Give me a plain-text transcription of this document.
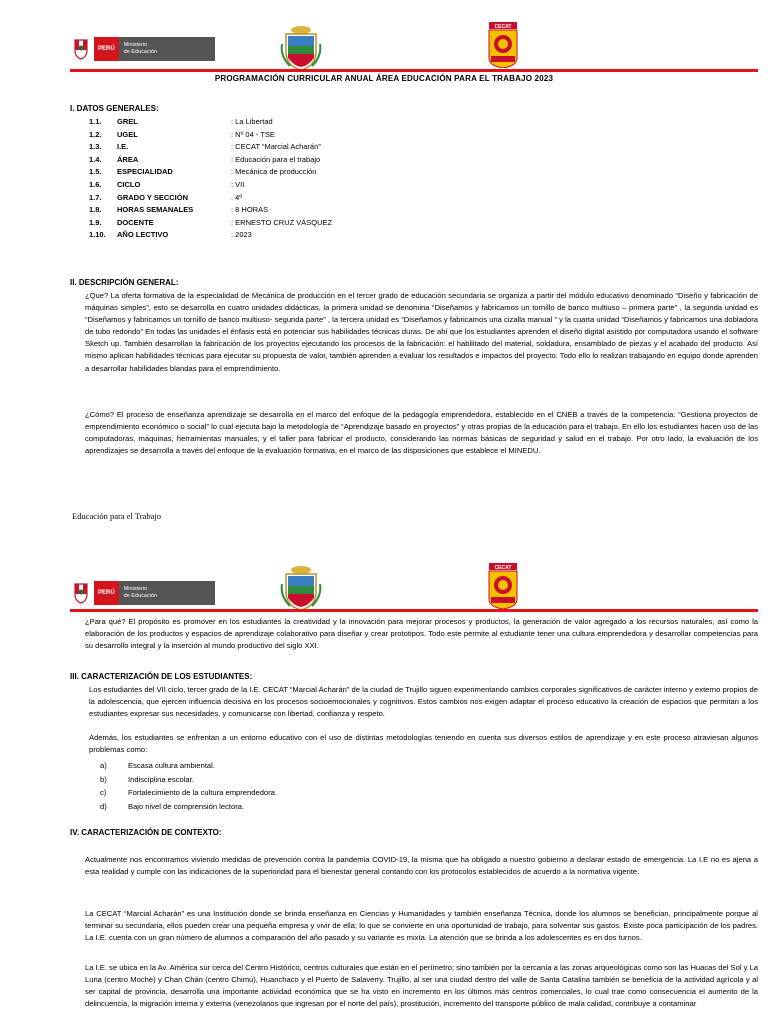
PERÚ
Ministerio
de Educación
CECAT
PROGRAMACIÓN CURRICULAR ANUAL ÁREA EDUCACIÓN PARA EL TRABAJO 2023
I. DATOS GENERALES:
1.1. GREL	: La Libertad
1.2. UGEL	: Nº 04 - TSE
1.3. I.E.	: CECAT “Marcial Acharán”
1.4. ÁREA	: Educación para el trabajo
1.5. ESPECIALIDAD	: Mecánica de producción
1.6. CICLO	: VII
1.7. GRADO Y SECCIÓN	. 4º
1.8. HORAS SEMANALES	: 8 HORAS
1.9. DOCENTE	: ERNESTO CRUZ VÁSQUEZ
1.10. AÑO LECTIVO	: 2023
II. DESCRIPCIÓN GENERAL:
¿Que? La oferta formativa de la especialidad de Mecánica de producción en el tercer grado de educación secundaria se organiza a partir del módulo educativo denominado “Diseño y fabricación de máquinas simples”, esto se desarrolla en cuatro unidades didácticas, la primera unidad se denomina “Diseñamos y fabricamos un tornillo de banco multiuso – primera parte” , la segunda unidad es “Diseñamos y fabricamos un tornillo de banco multiuso- segunda parte” , la tercera unidad es “Diseñamos y fabricamos una cizalla manual ” y la cuarta unidad “Diseñamos y fabricamos una dobladora de tubo redondo” En todas las unidades el énfasis está en potenciar sus habilidades técnicas duras. De ahí que los estudiantes aprenden el diseño digital asistido por computadora usando el software Sketch up. También desarrollan la fabricación de los proyectos ejecutando los procesos de la fabricación: el habilitado del material, soldadura, ensamblado de piezas y el acabado del producto. Así mismo aplican habilidades técnicas para ejecutar su propuesta de valor, también aprenden a evaluar los resultados e impactos del proyecto. Todo ello lo realizan trabajando en equipo donde aprenden a desarrollar habilidades blandas para el emprendimiento.
¿Cómo? El proceso de enseñanza aprendizaje se desarrolla en el marco del enfoque de la pedagogía emprendedora, establecido en el CNEB a través de la competencia: “Gestiona proyectos de emprendimiento económico o social” lo cual ejecuta bajo la metodología de “Aprendizaje basado en proyectos” y otras propias de la educación para el trabajo. En ello los estudiantes hacen uso de las computadoras, máquinas, herramientas manuales, y el taller para fabricar el producto, considerando las normas básicas de seguridad y salud en el trabajo. Por otro lado, la evaluación de los aprendizajes se desarrolla a través del enfoque de la evaluación formativa, en el marco de las disposiciones que establece el MINEDU.
Educación para el Trabajo
PERÚ
Ministerio
de Educación
CECAT
¿Para qué? El propósito es promover en los estudiantes la creatividad y la innovación para mejorar procesos y productos, la generación de valor agregado a los recursos naturales, así como la elaboración de los productos y espacios de aprendizaje colaborativo para diseñar y crear prototipos. Todo este permite al estudiante tener una cultura emprendedora y desarrollar competencias para su desarrollo integral y la inserción al mundo productivo del siglo XXI.
III. CARACTERIZACIÓN DE LOS ESTUDIANTES:
Los estudiantes del VII ciclo, tercer grado de la I.E. CECAT “Marcial Acharán” de la ciudad de Trujillo siguen experimentando cambios corporales significativos de carácter interno y externo propios de la adolescencia, que ejercen influencia decisiva en los procesos socioemocionales y cognitivos. Estos cambios nos exigen adaptar el proceso educativo la creación de espacios que permitan a los estudiantes expresar sus necesidades, y comunicarse con libertad, confianza y respeto.
Además, los estudiantes se enfrentan a un entorno educativo con el uso de distintas metodologías teniendo en cuenta sus diversos estilos de aprendizaje y en este proceso atraviesan algunos problemas como:
a)	Escasa cultura ambiental.
b)	Indisciplina escolar.
c)	Fortalecimiento de la cultura emprendedora.
d)	Bajo nivel de comprensión lectora.
IV. CARACTERIZACIÓN DE CONTEXTO:
Actualmente nos encontramos viviendo medidas de prevención contra la pandemia COVID-19, la misma que ha obligado a nuestro gobierno a declarar estado de emergencia. La I.E no es ajena a esta realidad y cumple con las indicaciones de la superioridad para el bienestar general contando con los protocolos establecidos de acuerdo a la normativa vigente.
La CECAT “Marcial Acharán” es una Institución donde se brinda enseñanza en Ciencias y Humanidades y también enseñanza Técnica, donde los alumnos se benefician, principalmente porque al terminar su secundaria, ellos pueden crear una pequeña empresa y vivir de ella; lo que se convierte en una oportunidad de trabajo, para solventar sus gastos. Existe poca participación de los padres. La I.E. cuenta con un gran número de alumnos a comparación del año pasado y su variante es mixta. La atención que se brinda a los adolescentes es en dos turnos.
La I.E. se ubica en la Av. América sur cerca del Centro Histórico, centros culturales que están en el perímetro; sino también por la cercanía a las zonas arqueológicas como son las Huacas del Sol y La Luna (centro Moche) y Chan Chán (centro Chimú), Huanchaco y el Puerto de Salaverry. Trujillo, al ser una ciudad dentro del valle de Santa Catalina también se beneficia de la actividad agrícola y al ser capital de provincia, desarrolla una importante actividad económica que se ha visto en incremento en los últimos más centros comerciales, lo cual trae como consecuencia el aumento de la delincuencia, la migración interna y externa (venezolanos que ingresan por el norte del país), prostitución, incremento del transporte público de mala calidad, contribuye a contaminar
